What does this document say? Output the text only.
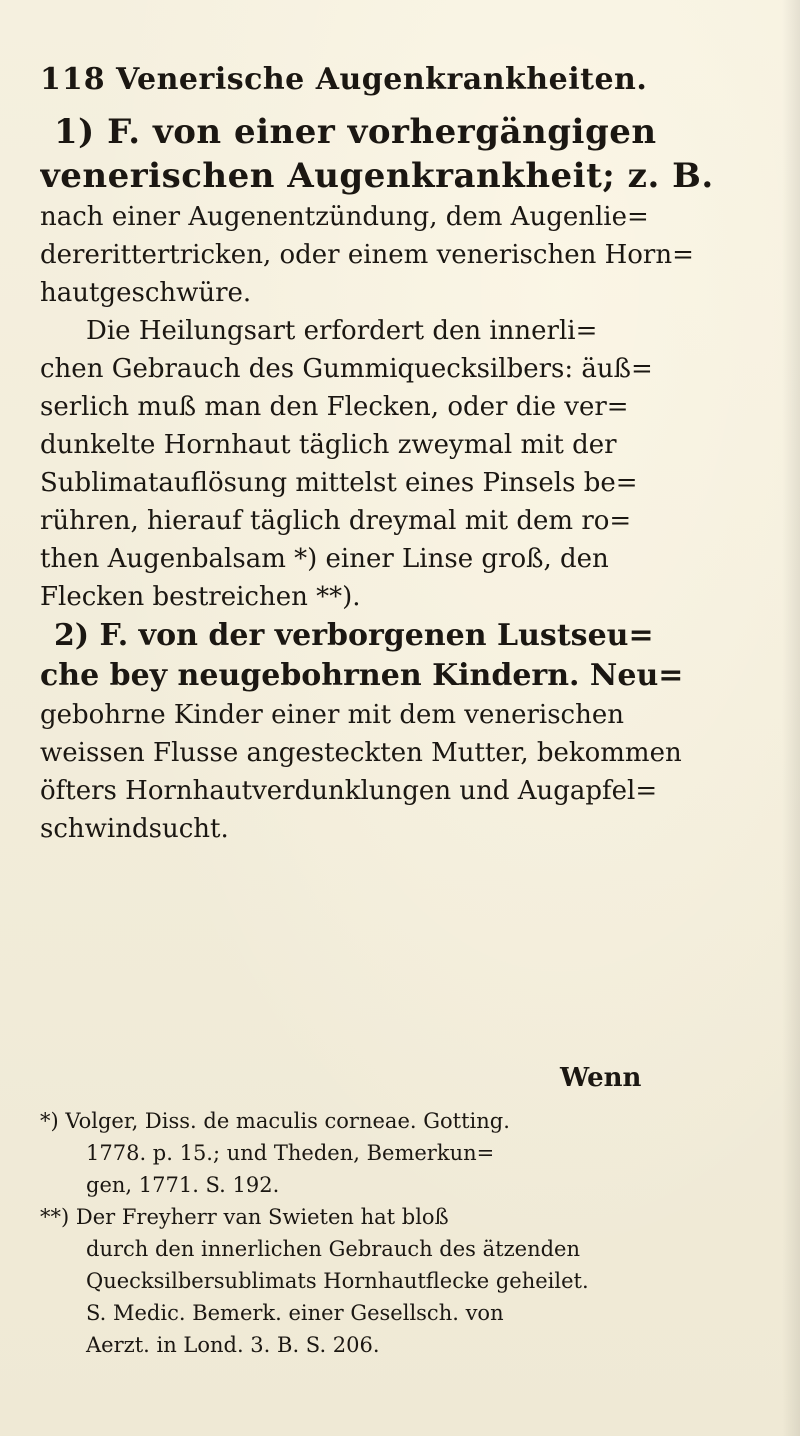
118 Venerische Augenkrankheiten.
1) F. von einer vorhergängigen
venerischen Augenkrankheit; z. B.
nach einer Augenentzündung, dem Augenlie=
dererittertricken, oder einem venerischen Horn=
hautgeschwüre.
Die Heilungsart erfordert den innerli=
chen Gebrauch des Gummiquecksilbers: äuß=
serlich muß man den Flecken, oder die ver=
dunkelte Hornhaut täglich zweymal mit der
Sublimatauflösung mittelst eines Pinsels be=
rühren, hierauf täglich dreymal mit dem ro=
then Augenbalsam *) einer Linse groß, den
Flecken bestreichen **).
2) F. von der verborgenen Lustseu=
che bey neugebohrnen Kindern. Neu=
gebohrne Kinder einer mit dem venerischen
weissen Flusse angesteckten Mutter, bekommen
öfters Hornhautverdunklungen und Augapfel=
schwindsucht.
Wenn
*) Volger, Diss. de maculis corneae. Gotting.
1778. p. 15.; und Theden, Bemerkun=
gen, 1771. S. 192.
**) Der Freyherr van Swieten hat bloß
durch den innerlichen Gebrauch des ätzenden
Quecksilbersublimats Hornhautflecke geheilet.
S. Medic. Bemerk. einer Gesellsch. von
Aerzt. in Lond. 3. B. S. 206.
